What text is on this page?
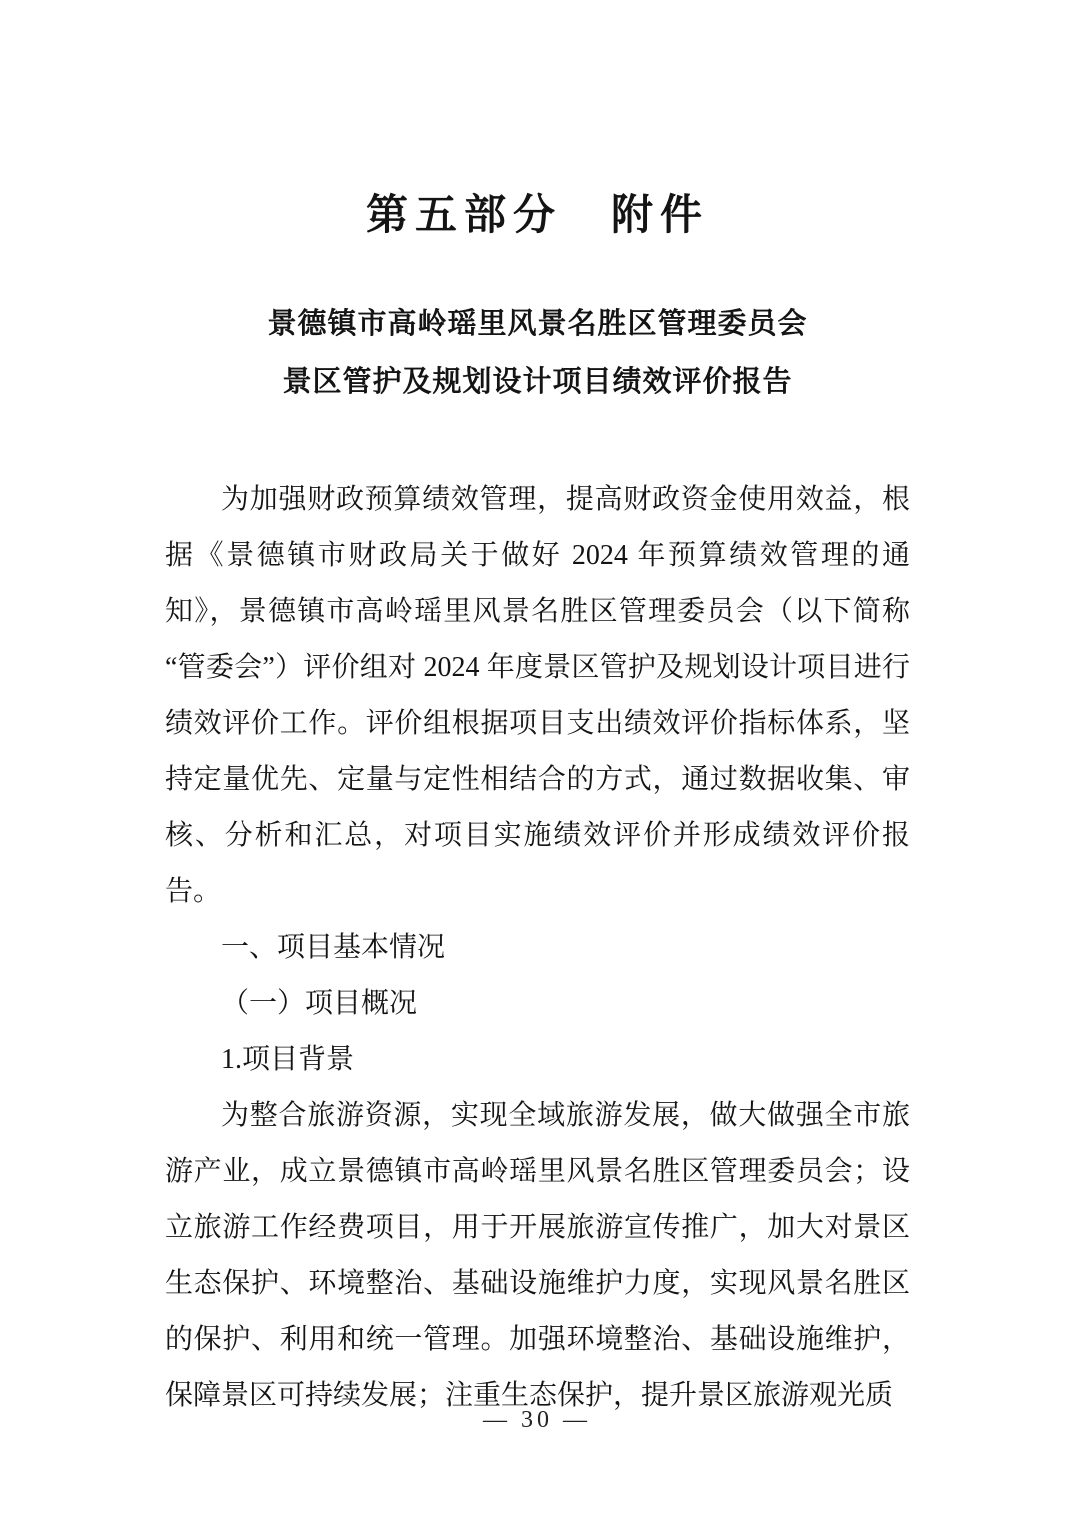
第五部分　附件
景德镇市高岭瑶里风景名胜区管理委员会
景区管护及规划设计项目绩效评价报告

为加强财政预算绩效管理，提高财政资金使用效益，根据《景德镇市财政局关于做好 2024 年预算绩效管理的通知》，景德镇市高岭瑶里风景名胜区管理委员会（以下简称“管委会”）评价组对 2024 年度景区管护及规划设计项目进行绩效评价工作。评价组根据项目支出绩效评价指标体系，坚持定量优先、定量与定性相结合的方式，通过数据收集、审核、分析和汇总，对项目实施绩效评价并形成绩效评价报告。

一、项目基本情况

（一）项目概况

1.项目背景

为整合旅游资源，实现全域旅游发展，做大做强全市旅游产业，成立景德镇市高岭瑶里风景名胜区管理委员会；设立旅游工作经费项目，用于开展旅游宣传推广，加大对景区生态保护、环境整治、基础设施维护力度，实现风景名胜区的保护、利用和统一管理。加强环境整治、基础设施维护，保障景区可持续发展；注重生态保护，提升景区旅游观光质

— 30 —
